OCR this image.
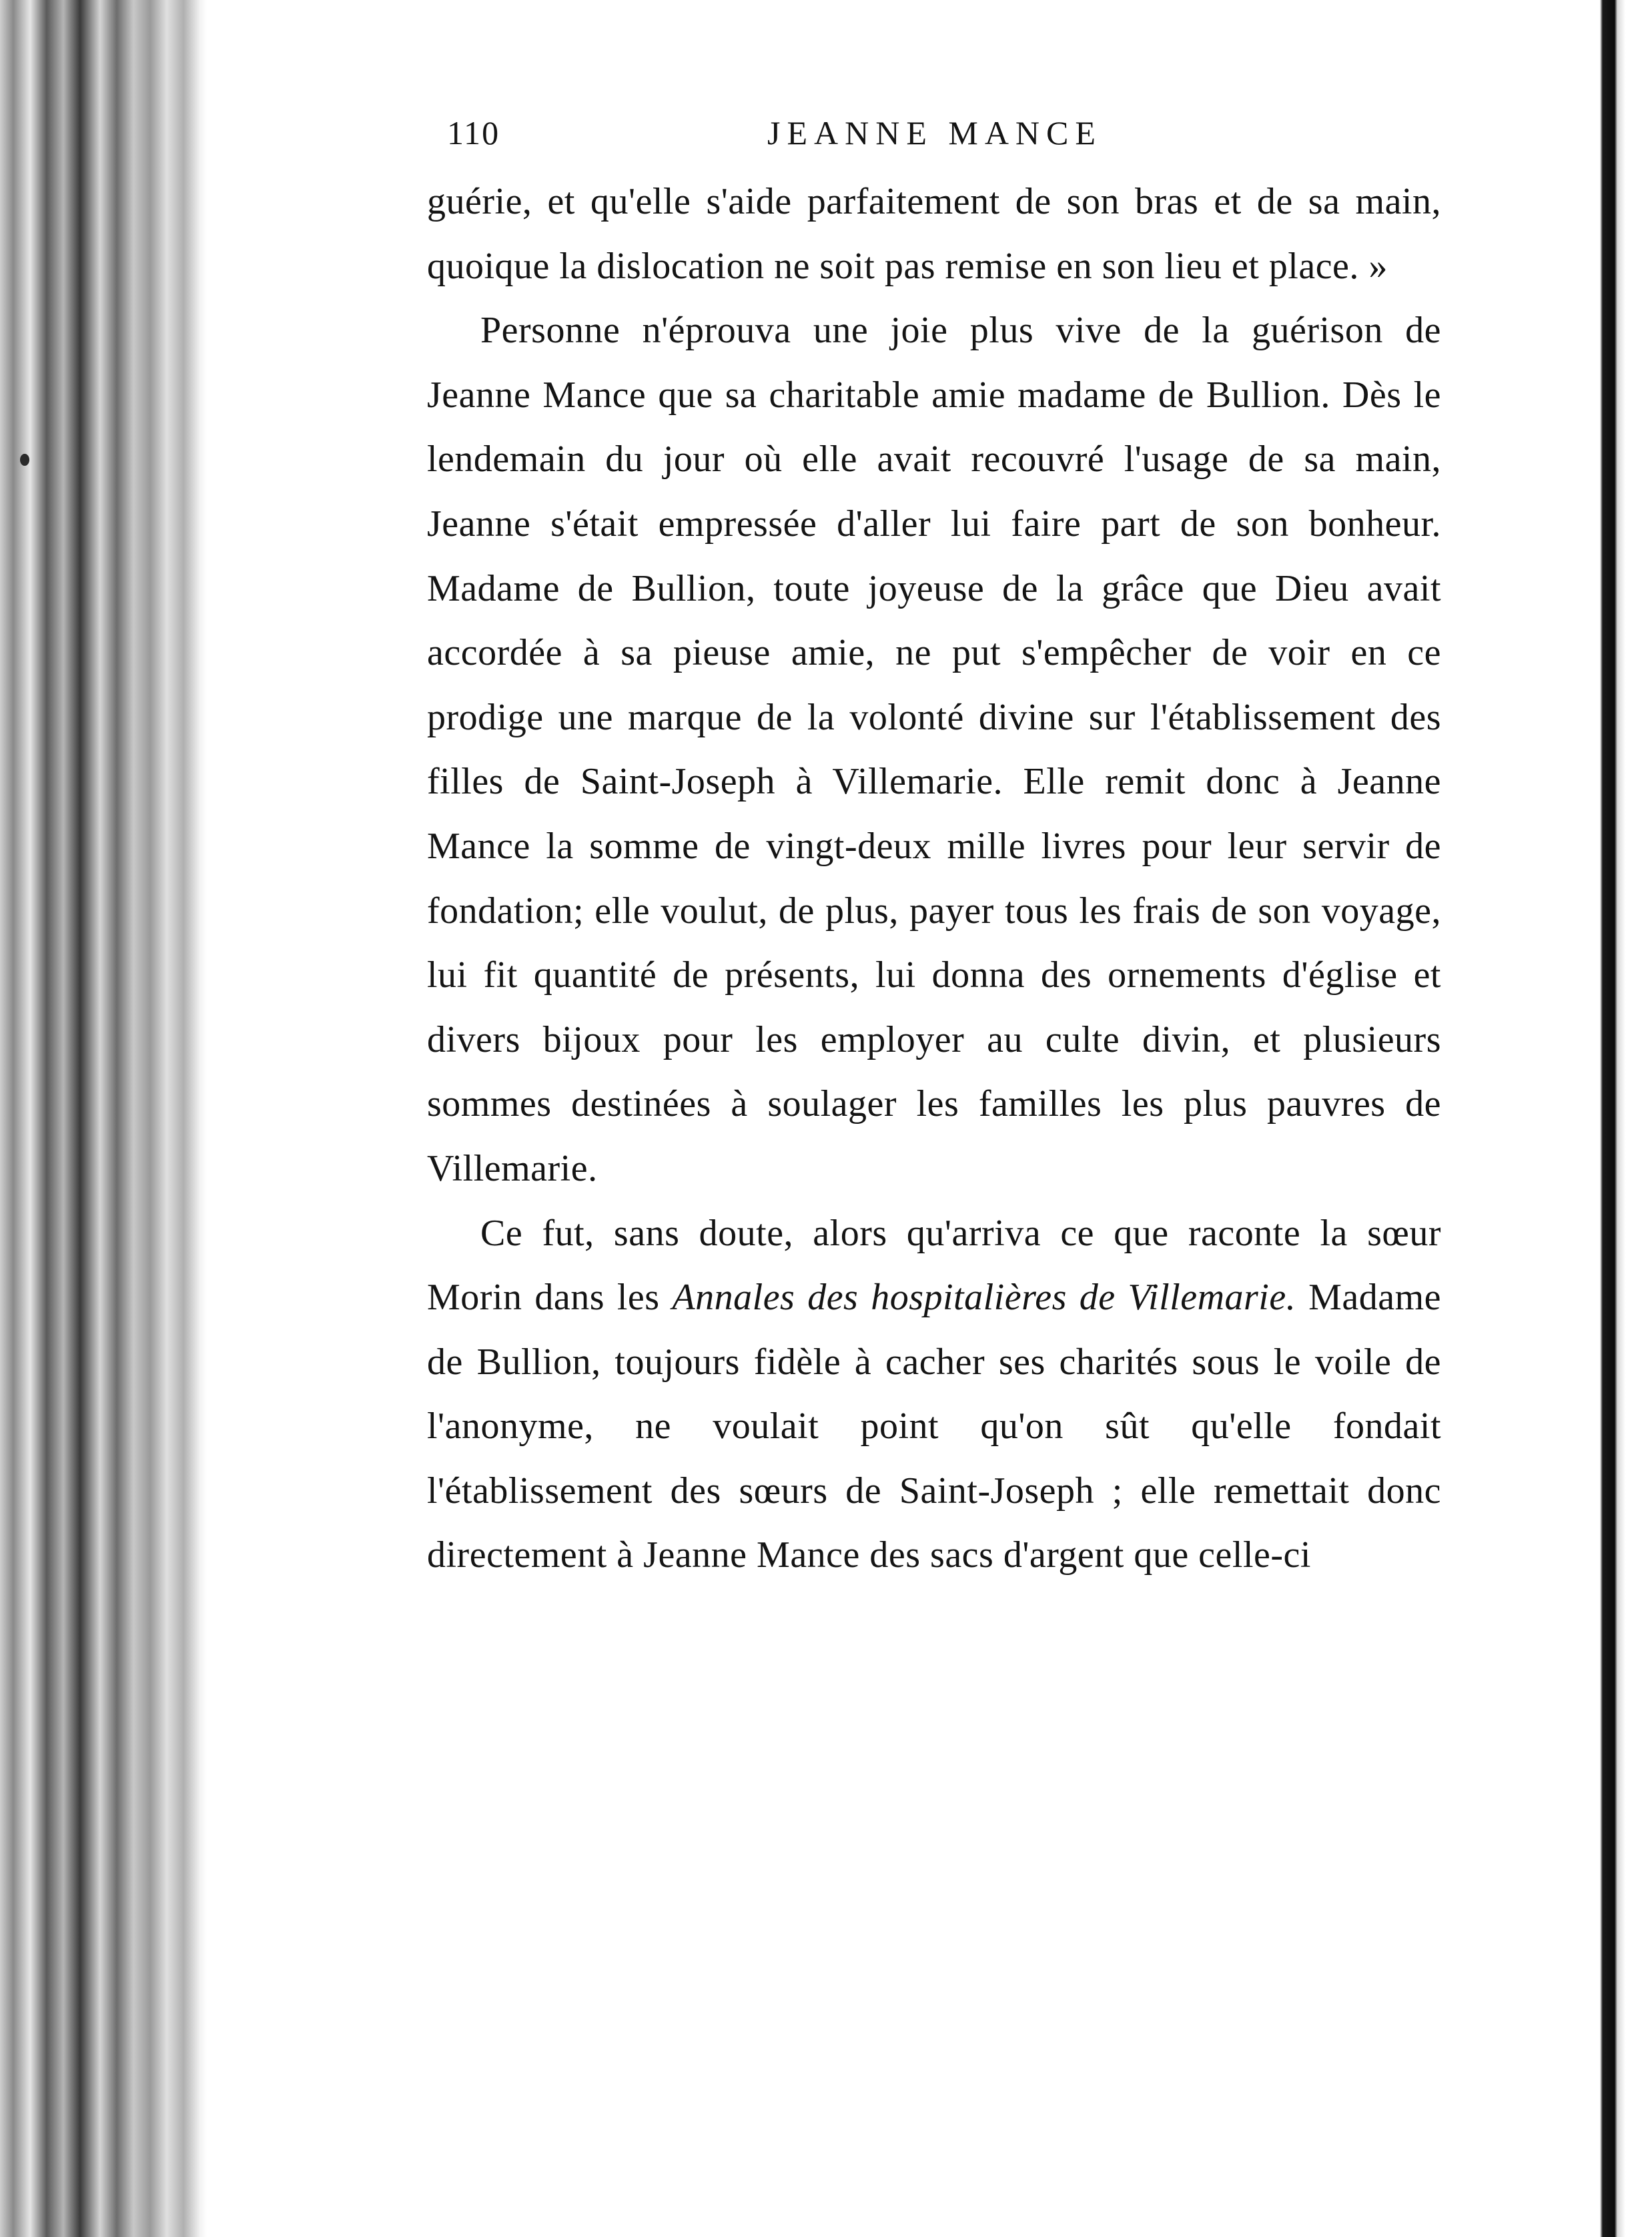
110	JEANNE MANCE

guérie, et qu'elle s'aide parfaitement de son bras et de sa main, quoique la dislocation ne soit pas remise en son lieu et place. »

Personne n'éprouva une joie plus vive de la guérison de Jeanne Mance que sa charitable amie madame de Bullion. Dès le lendemain du jour où elle avait recouvré l'usage de sa main, Jeanne s'était empressée d'aller lui faire part de son bonheur. Madame de Bullion, toute joyeuse de la grâce que Dieu avait accordée à sa pieuse amie, ne put s'empêcher de voir en ce prodige une marque de la volonté divine sur l'établissement des filles de Saint-Joseph à Villemarie. Elle remit donc à Jeanne Mance la somme de vingt-deux mille livres pour leur servir de fondation; elle voulut, de plus, payer tous les frais de son voyage, lui fit quantité de présents, lui donna des ornements d'église et divers bijoux pour les employer au culte divin, et plusieurs sommes destinées à soulager les familles les plus pauvres de Villemarie.

Ce fut, sans doute, alors qu'arriva ce que raconte la sœur Morin dans les Annales des hospitalières de Villemarie. Madame de Bullion, toujours fidèle à cacher ses charités sous le voile de l'anonyme, ne voulait point qu'on sût qu'elle fondait l'établissement des sœurs de Saint-Joseph ; elle remettait donc directement à Jeanne Mance des sacs d'argent que celle-ci
